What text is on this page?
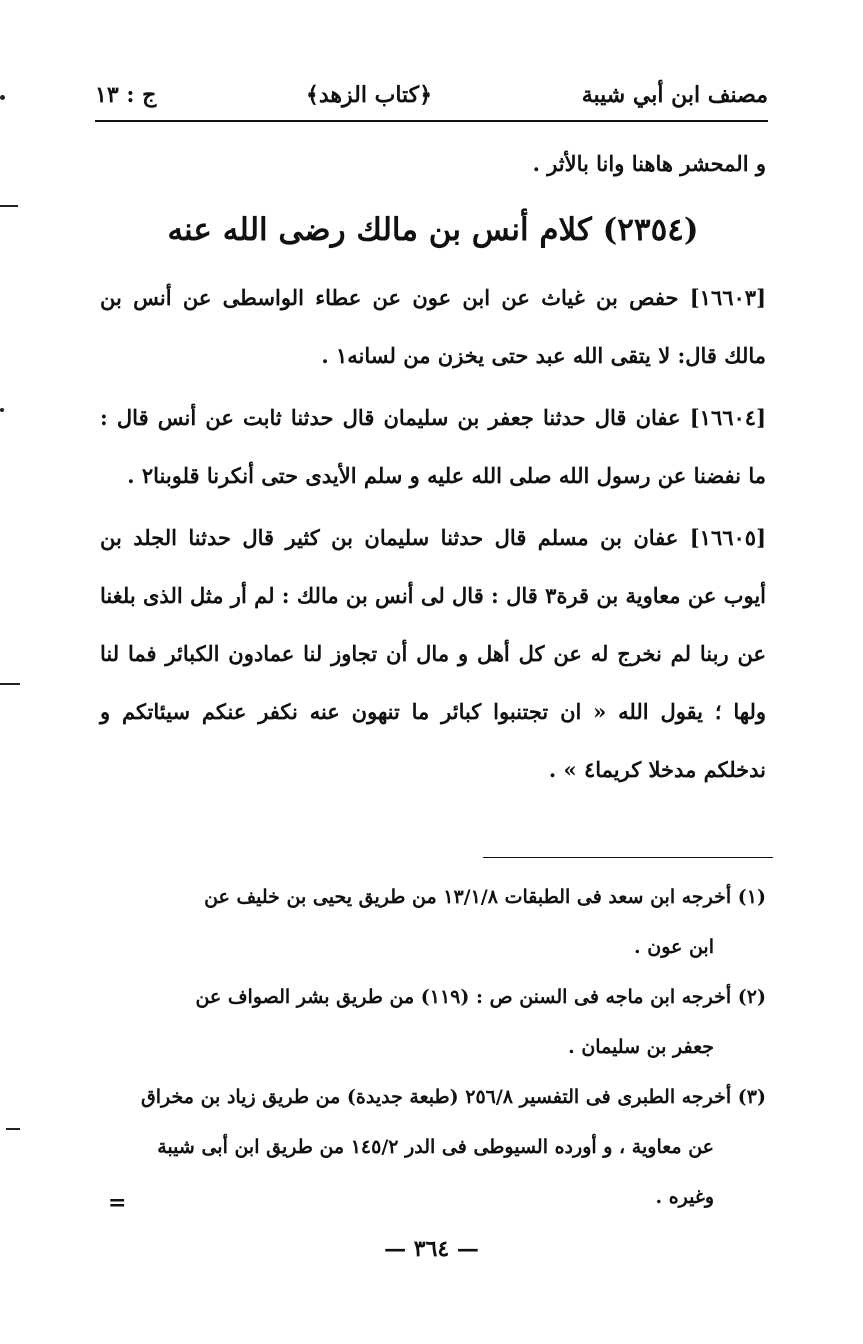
مصنف ابن أبي شيبة
﴿كتاب الزهد﴾
ج : ١٣

و المحشر هاهنا وانا بالأثر .

(٢٣٥٤) كلام أنس بن مالك رضى الله عنه

[١٦٦٠٣] حفص بن غياث عن ابن عون عن عطاء الواسطى عن أنس بن مالك قال: لا يتقى الله عبد حتى يخزن من لسانه١ .

[١٦٦٠٤] عفان قال حدثنا جعفر بن سليمان قال حدثنا ثابت عن أنس قال : ما نفضنا عن رسول الله صلى الله عليه و سلم الأيدى حتى أنكرنا قلوبنا٢ .

[١٦٦٠٥] عفان بن مسلم قال حدثنا سليمان بن كثير قال حدثنا الجلد بن أيوب عن معاوية بن قرة٣ قال : قال لى أنس بن مالك : لم أر مثل الذى بلغنا عن ربنا لم نخرج له عن كل أهل و مال أن تجاوز لنا عمادون الكبائر فما لنا ولها ؛ يقول الله « ان تجتنبوا كبائر ما تنهون عنه نكفر عنكم سيئاتكم و ندخلكم مدخلا كريما٤ » .

(١) أخرجه ابن سعد فى الطبقات ١٣/١/٨ من طريق يحيى بن خليف عن

ابن عون .

(٢) أخرجه ابن ماجه فى السنن ص : (١١٩) من طريق بشر الصواف عن

جعفر بن سليمان .

(٣) أخرجه الطبرى فى التفسير ٢٥٦/٨ (طبعة جديدة) من طريق زياد بن مخراق

عن معاوية ، و أورده السيوطى فى الدر ١٤٥/٢ من طريق ابن أبى شيبة

وغيره .

=
— ٣٦٤ —
